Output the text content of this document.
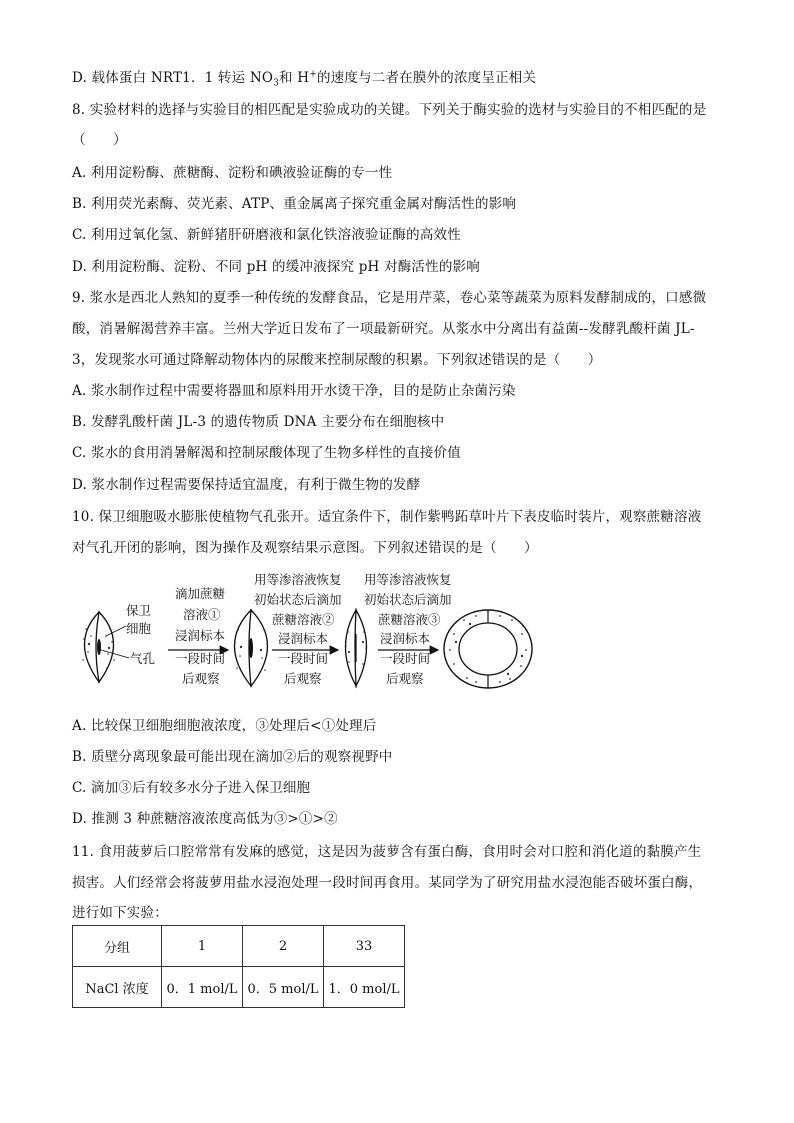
D. 载体蛋白 NRT1．1 转运 $NO_3$和 H+的速度与二者在膜外的浓度呈正相关
8. 实验材料的选择与实验目的相匹配是实验成功的关键。下列关于酶实验的选材与实验目的不相匹配的是
（　　）
A. 利用淀粉酶、蔗糖酶、淀粉和碘液验证酶的专一性
B. 利用荧光素酶、荧光素、ATP、重金属离子探究重金属对酶活性的影响
C. 利用过氧化氢、新鲜猪肝研磨液和氯化铁溶液验证酶的高效性
D. 利用淀粉酶、淀粉、不同 pH 的缓冲液探究 pH 对酶活性的影响
9. 浆水是西北人熟知的夏季一种传统的发酵食品，它是用芹菜，卷心菜等蔬菜为原料发酵制成的，口感微
酸，消暑解渴营养丰富。兰州大学近日发布了一项最新研究。从浆水中分离出有益菌--发酵乳酸杆菌 JL-
3，发现浆水可通过降解动物体内的尿酸来控制尿酸的积累。下列叙述错误的是（　　）
A. 浆水制作过程中需要将器皿和原料用开水烫干净，目的是防止杂菌污染
B. 发酵乳酸杆菌 JL-3 的遗传物质 DNA 主要分布在细胞核中
C. 浆水的食用消暑解渴和控制尿酸体现了生物多样性的直接价值
D. 浆水制作过程需要保持适宜温度，有利于微生物的发酵
10. 保卫细胞吸水膨胀使植物气孔张开。适宜条件下，制作紫鸭跖草叶片下表皮临时装片，观察蔗糖溶液
对气孔开闭的影响，图为操作及观察结果示意图。下列叙述错误的是（　　）
保卫
细胞
气孔
滴加蔗糖
溶液①
浸润标本
一段时间
后观察
用等渗溶液恢复
初始状态后滴加
蔗糖溶液②
浸润标本
一段时间
后观察
用等渗溶液恢复
初始状态后滴加
蔗糖溶液③
浸润标本
一段时间
后观察
A. 比较保卫细胞细胞液浓度，③处理后<①处理后
B. 质壁分离现象最可能出现在滴加②后的观察视野中
C. 滴加③后有较多水分子进入保卫细胞
D. 推测 3 种蔗糖溶液浓度高低为③>①>②
11. 食用菠萝后口腔常常有发麻的感觉，这是因为菠萝含有蛋白酶，食用时会对口腔和消化道的黏膜产生
损害。人们经常会将菠萝用盐水浸泡处理一段时间再食用。某同学为了研究用盐水浸泡能否破坏蛋白酶，
进行如下实验：
分组	1	2	33
NaCl 浓度	0．1 mol/L	0．5 mol/L	1．0 mol/L
